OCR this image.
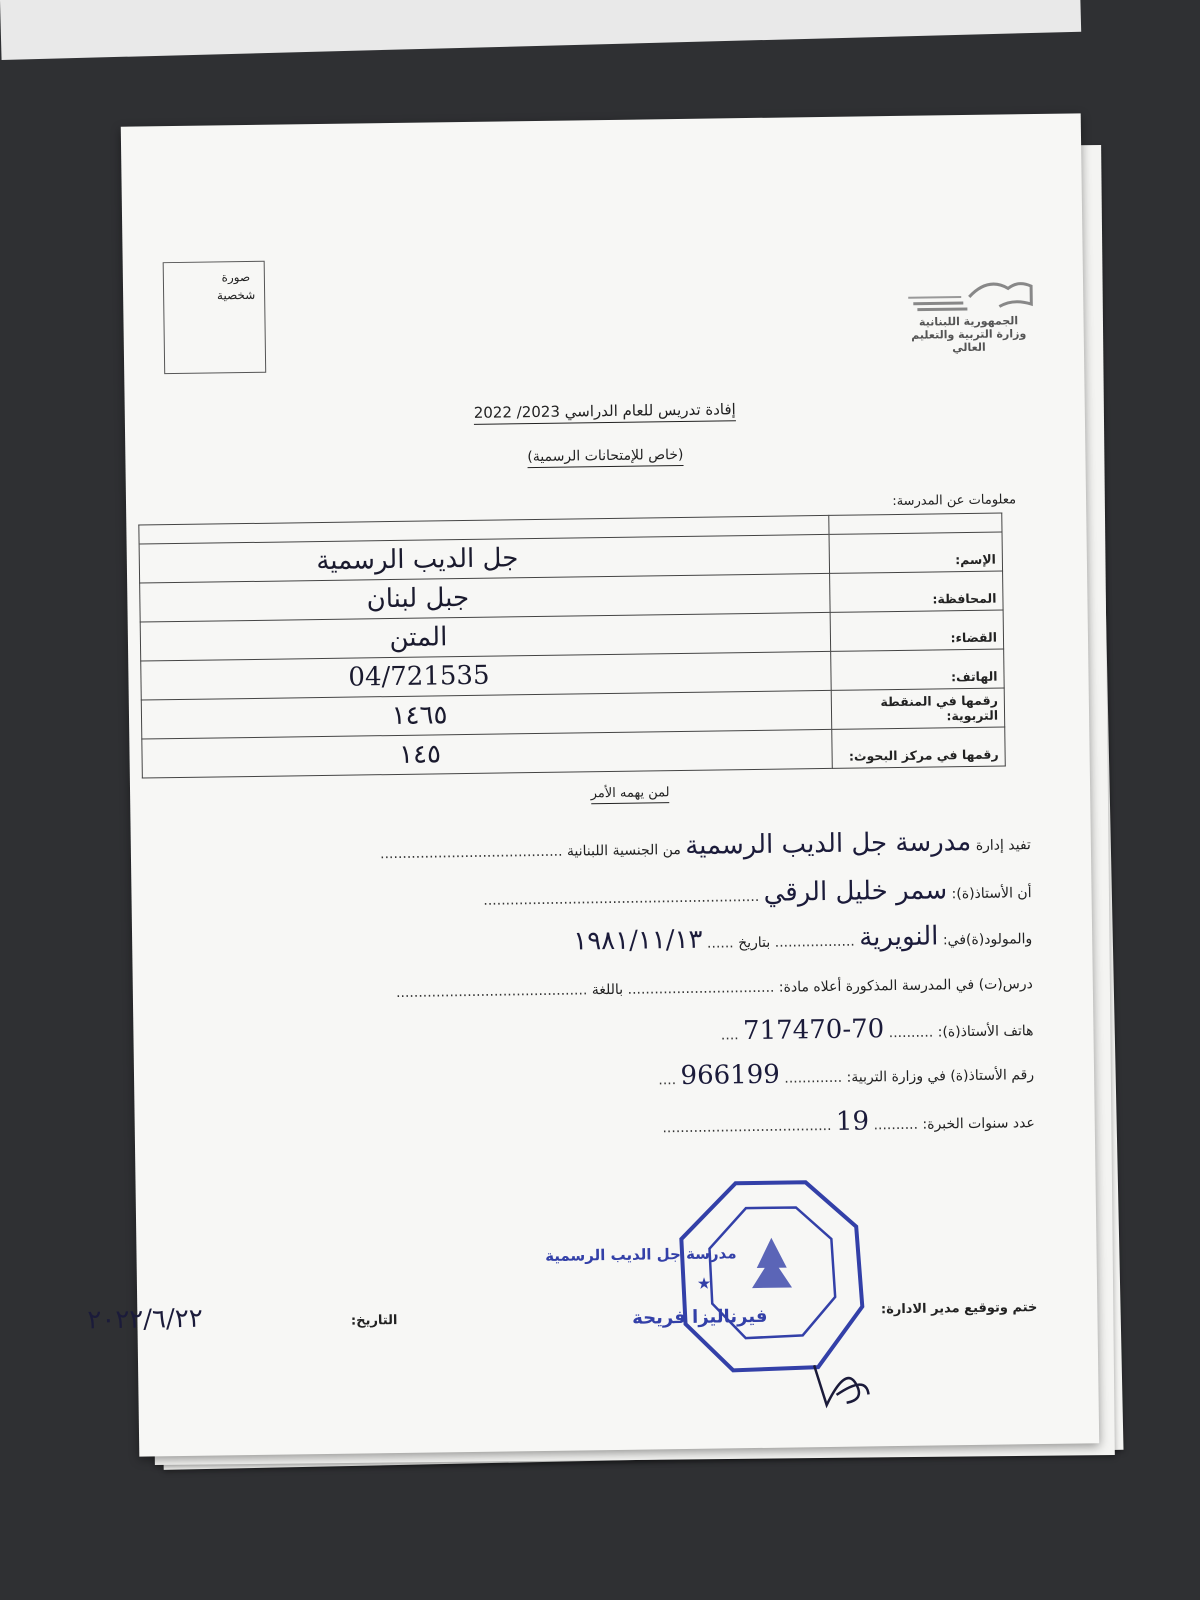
صورة
شخصية
الجمهورية اللبنانية
وزارة التربية والتعليم العالي
إفادة تدريس للعام الدراسي 2023/ 2022
(خاص للإمتحانات الرسمية)
معلومات عن المدرسة:

الإسم:	جل الديب الرسمية
المحافظة:	جبل لبنان
القضاء:	المتن
الهاتف:	04/721535
رقمها في المنقطة التربوية:	١٤٦٥
رقمها في مركز البحوث:	١٤٥
لمن يهمه الأمر
تفيد إدارة مدرسة جل الديب الرسمية من الجنسية اللبنانية .........................................
أن الأستاذ(ة): سمر خليل الرقي ..............................................................
والمولود(ة)في: النويرية .................. بتاريخ ...... ١٩٨١/١١/١٣
درس(ت) في المدرسة المذكورة أعلاه مادة: ................................. باللغة ...........................................
هاتف الأستاذ(ة): .......... 70-717470 ....
رقم الأستاذ(ة) في وزارة التربية: ............. 966199 ....
عدد سنوات الخبرة: .......... 19 ......................................
★
مدرسة جل الديب الرسمية
فيرناليزا فريحة	ختم وتوقيع مدير الادارة:
التاريخ:
٢٠٢٢/٦/٢٢
